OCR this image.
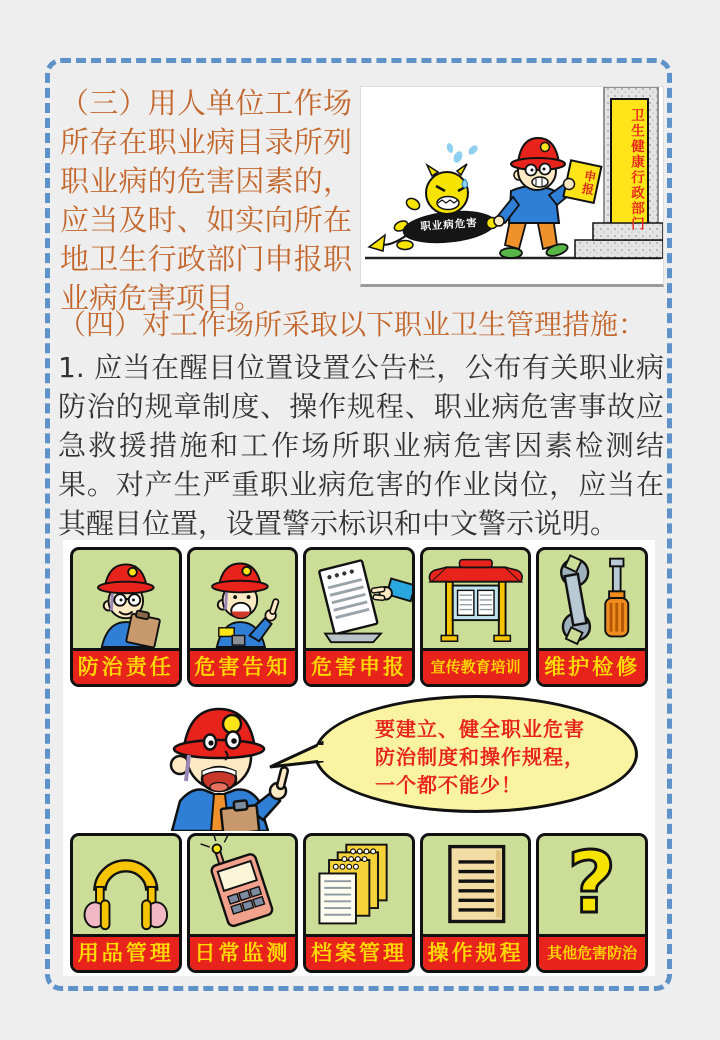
卫生健康行政部门
职业病危害
申报
（三）用人单位工作场所存在职业病目录所列职业病的危害因素的，应当及时、如实向所在地卫生行政部门申报职业病危害项目。
（四）对工作场所采取以下职业卫生管理措施：
1. 应当在醒目位置设置公告栏，公布有关职业病防治的规章制度、操作规程、职业病危害事故应急救援措施和工作场所职业病危害因素检测结果。对产生严重职业病危害的作业岗位，应当在其醒目位置，设置警示标识和中文警示说明。
防治责任 危害告知 危害申报	宣传教育培训	维护检修
要建立、健全职业危害
防治制度和操作规程，
一个都不能少！
用品管理 日常监测 档案管理 操作规程
?
其他危害防治
